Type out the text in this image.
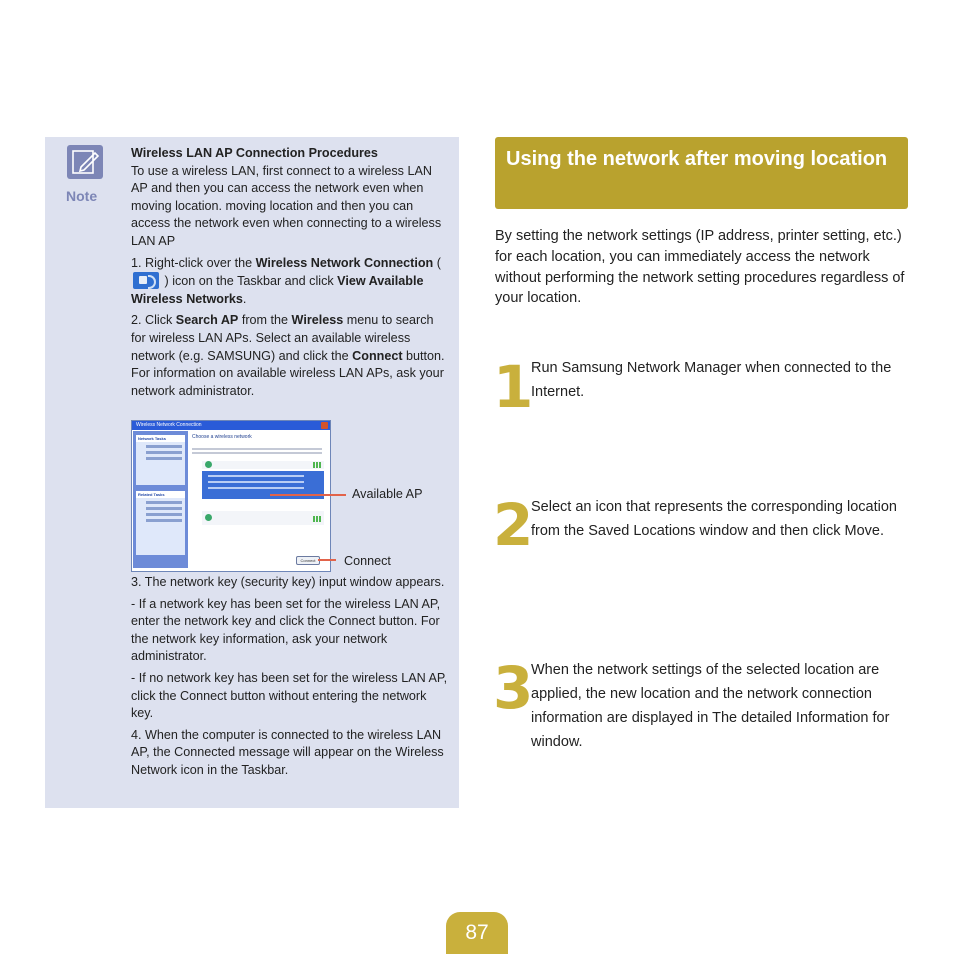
Note
Wireless LAN AP Connection Procedures

To use a wireless LAN, first connect to a wireless LAN AP and then you can access the network even when moving location. moving location and then you can access the network even when connecting to a wireless LAN AP

1. Right-click over the Wireless Network Connection (  ) icon on the Taskbar and click View Available Wireless Networks.

2. Click Search AP from the Wireless menu to search for wireless LAN APs. Select an available wireless network (e.g. SAMSUNG) and click the Connect button. For information on available wireless LAN APs, ask your network administrator.

Wireless Network Connection
Network Tasks
Related Tasks
Choose a wireless network
Connect
Available AP
Connect

3. The network key (security key) input window appears.

- If a network key has been set for the wireless LAN AP, enter the network key and click the Connect button. For the network key information, ask your network administrator.

- If no network key has been set for the wireless LAN AP, click the Connect button without entering the network key.

4. When the computer is connected to the wireless LAN AP, the Connected message will appear on the Wireless Network icon in the Taskbar.

Using the network after moving location

By setting the network settings (IP address, printer setting, etc.) for each location, you can immediately access the network without performing the network setting procedures regardless of your location.

1

Run Samsung Network Manager when connected to the Internet.

2

Select an icon that represents the corresponding location from the Saved Locations window and then click Move.

3

When the network settings of the selected location are applied, the new location and the network connection information are displayed in The detailed Information for window.

87
